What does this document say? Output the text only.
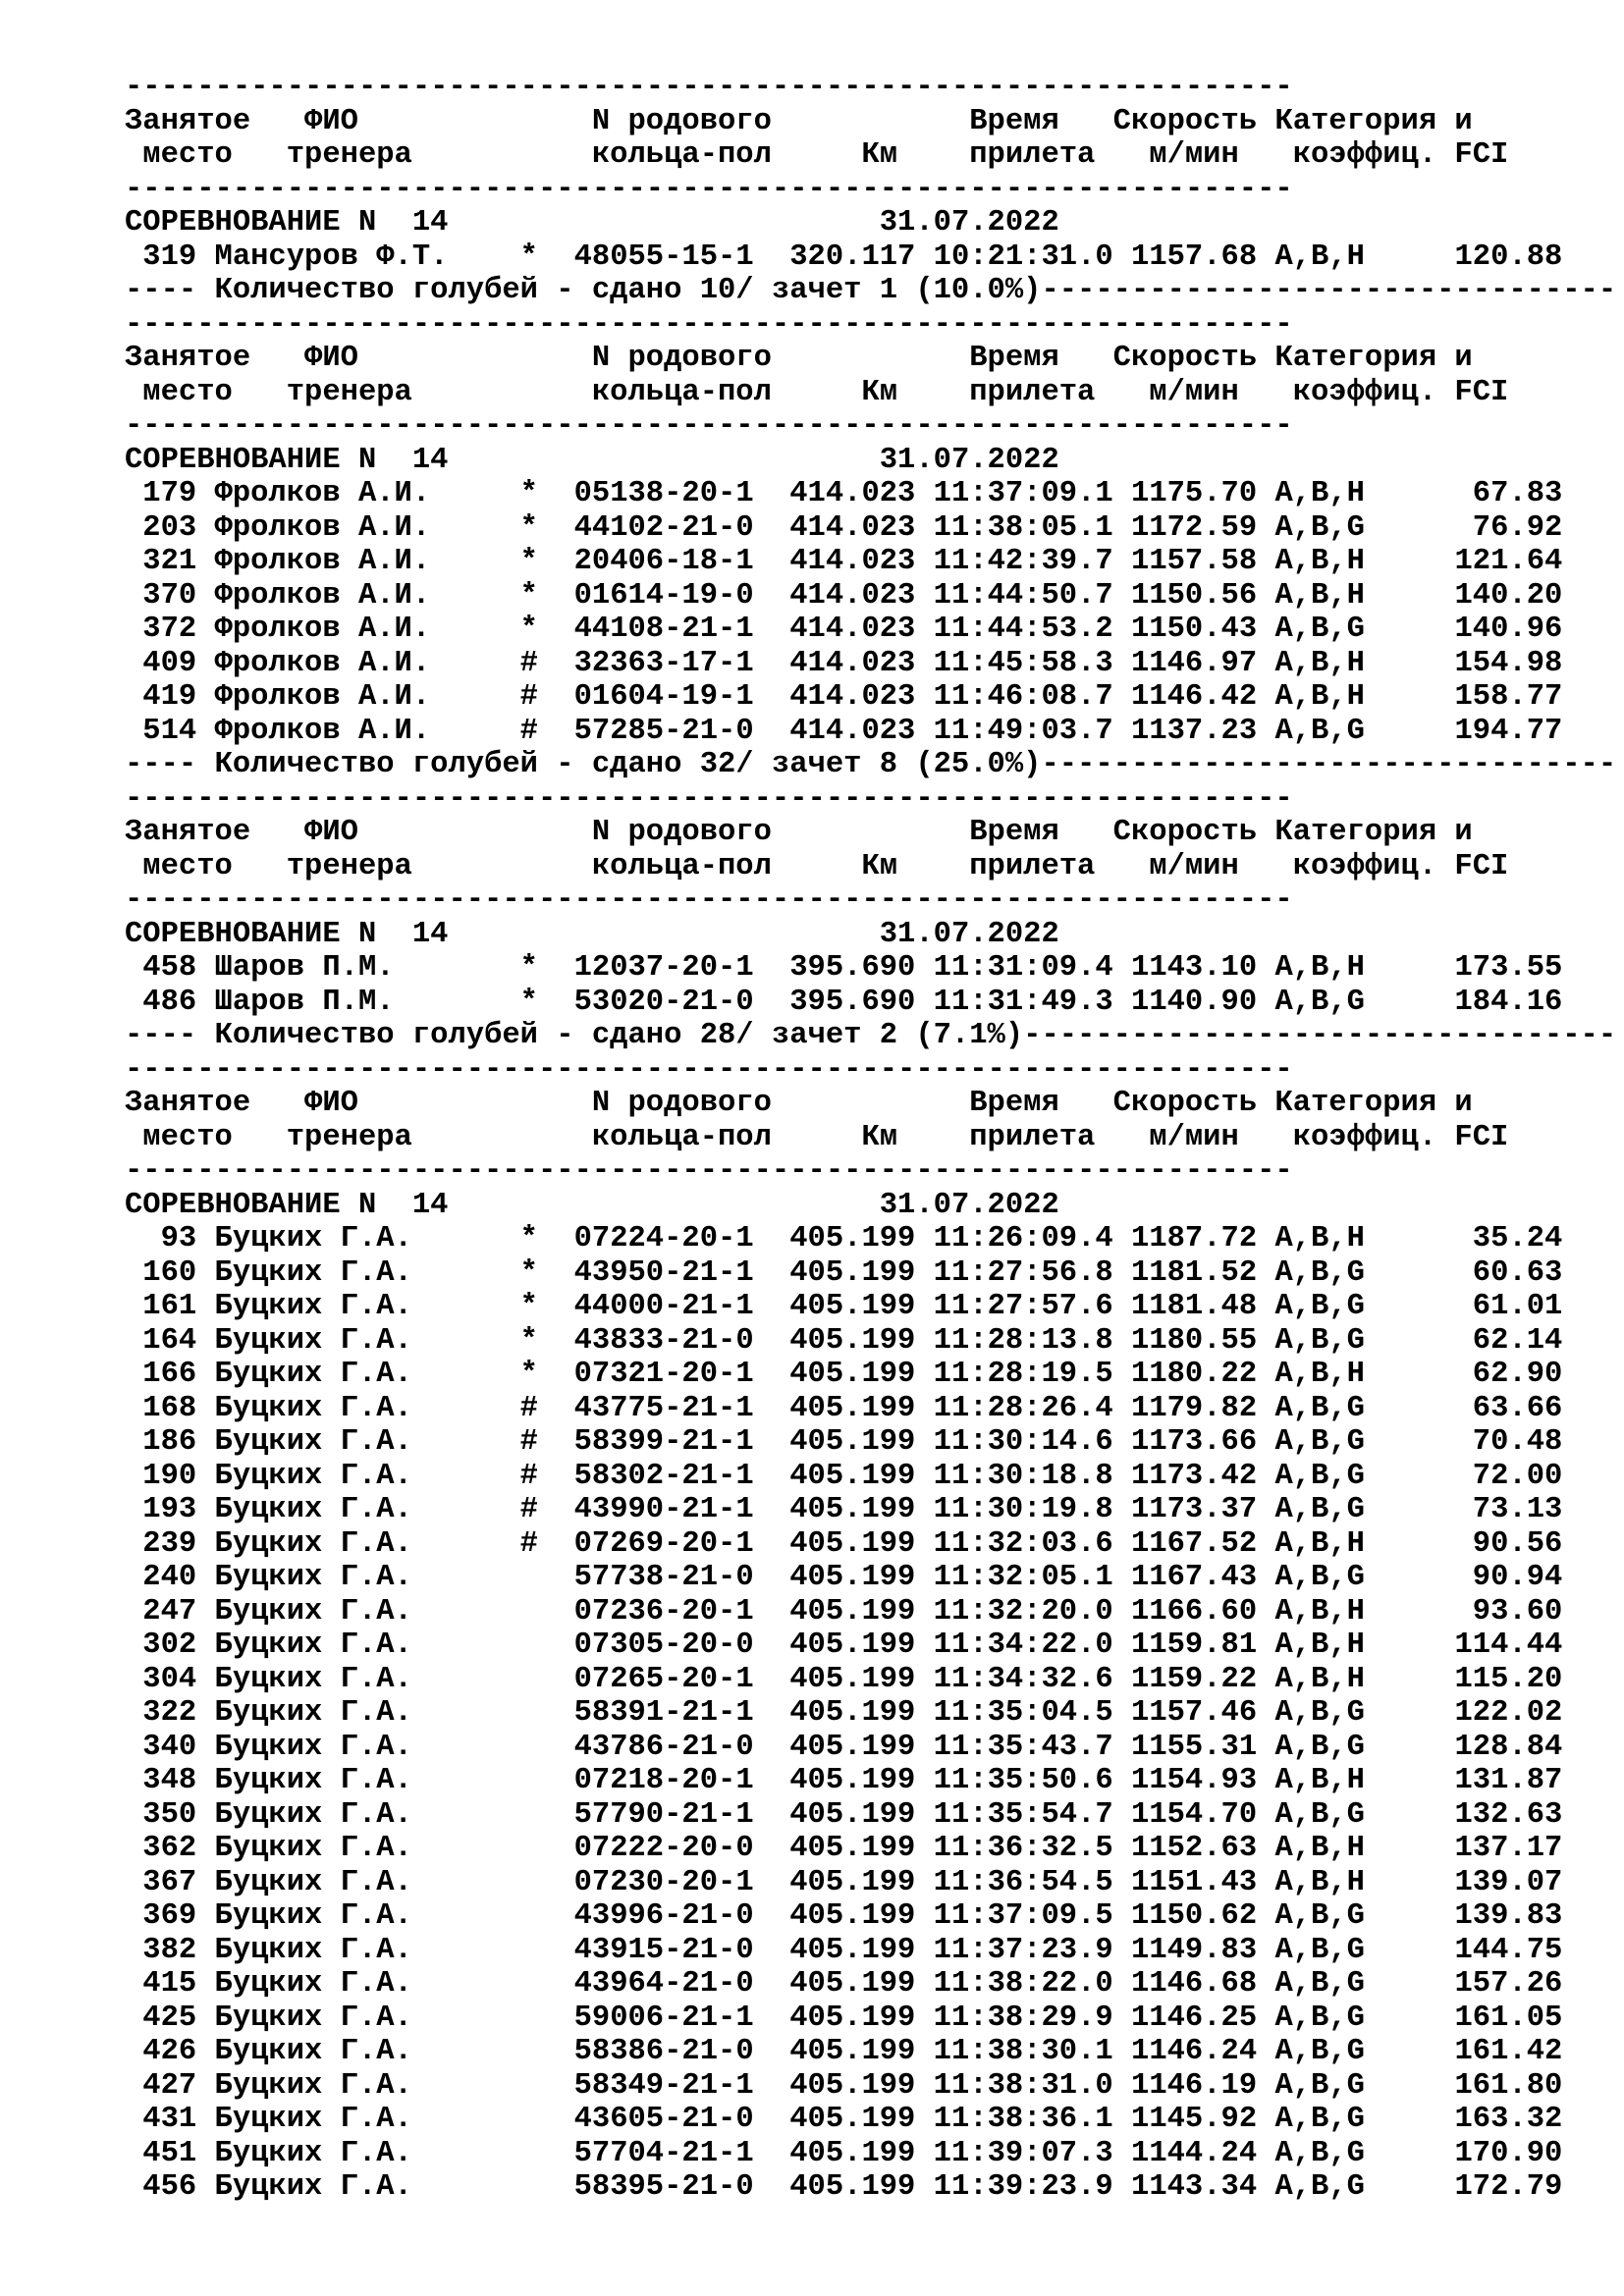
-----------------------------------------------------------------
Занятое   ФИО             N родового           Время   Скорость Категория и
место   тренера          кольца-пол     Км    прилета   м/мин   коэффиц. FCI
-----------------------------------------------------------------
СОРЕВНОВАНИЕ N  14                        31.07.2022
319 Мансуров Ф.Т.    *  48055-15-1  320.117 10:21:31.0 1157.68 A,B,H     120.88
---- Количество голубей - сдано 10/ зачет 1 (10.0%)--------------------------------
-----------------------------------------------------------------
Занятое   ФИО             N родового           Время   Скорость Категория и
место   тренера          кольца-пол     Км    прилета   м/мин   коэффиц. FCI
-----------------------------------------------------------------
СОРЕВНОВАНИЕ N  14                        31.07.2022
179 Фролков А.И.     *  05138-20-1  414.023 11:37:09.1 1175.70 A,B,H      67.83
203 Фролков А.И.     *  44102-21-0  414.023 11:38:05.1 1172.59 A,B,G      76.92
321 Фролков А.И.     *  20406-18-1  414.023 11:42:39.7 1157.58 A,B,H     121.64
370 Фролков А.И.     *  01614-19-0  414.023 11:44:50.7 1150.56 A,B,H     140.20
372 Фролков А.И.     *  44108-21-1  414.023 11:44:53.2 1150.43 A,B,G     140.96
409 Фролков А.И.     #  32363-17-1  414.023 11:45:58.3 1146.97 A,B,H     154.98
419 Фролков А.И.     #  01604-19-1  414.023 11:46:08.7 1146.42 A,B,H     158.77
514 Фролков А.И.     #  57285-21-0  414.023 11:49:03.7 1137.23 A,B,G     194.77
---- Количество голубей - сдано 32/ зачет 8 (25.0%)--------------------------------
-----------------------------------------------------------------
Занятое   ФИО             N родового           Время   Скорость Категория и
место   тренера          кольца-пол     Км    прилета   м/мин   коэффиц. FCI
-----------------------------------------------------------------
СОРЕВНОВАНИЕ N  14                        31.07.2022
458 Шаров П.М.       *  12037-20-1  395.690 11:31:09.4 1143.10 A,B,H     173.55
486 Шаров П.М.       *  53020-21-0  395.690 11:31:49.3 1140.90 A,B,G     184.16
---- Количество голубей - сдано 28/ зачет 2 (7.1%)---------------------------------
-----------------------------------------------------------------
Занятое   ФИО             N родового           Время   Скорость Категория и
место   тренера          кольца-пол     Км    прилета   м/мин   коэффиц. FCI
-----------------------------------------------------------------
СОРЕВНОВАНИЕ N  14                        31.07.2022
93 Буцких Г.А.      *  07224-20-1  405.199 11:26:09.4 1187.72 A,B,H      35.24
160 Буцких Г.А.      *  43950-21-1  405.199 11:27:56.8 1181.52 A,B,G      60.63
161 Буцких Г.А.      *  44000-21-1  405.199 11:27:57.6 1181.48 A,B,G      61.01
164 Буцких Г.А.      *  43833-21-0  405.199 11:28:13.8 1180.55 A,B,G      62.14
166 Буцких Г.А.      *  07321-20-1  405.199 11:28:19.5 1180.22 A,B,H      62.90
168 Буцких Г.А.      #  43775-21-1  405.199 11:28:26.4 1179.82 A,B,G      63.66
186 Буцких Г.А.      #  58399-21-1  405.199 11:30:14.6 1173.66 A,B,G      70.48
190 Буцких Г.А.      #  58302-21-1  405.199 11:30:18.8 1173.42 A,B,G      72.00
193 Буцких Г.А.      #  43990-21-1  405.199 11:30:19.8 1173.37 A,B,G      73.13
239 Буцких Г.А.      #  07269-20-1  405.199 11:32:03.6 1167.52 A,B,H      90.56
240 Буцких Г.А.         57738-21-0  405.199 11:32:05.1 1167.43 A,B,G      90.94
247 Буцких Г.А.         07236-20-1  405.199 11:32:20.0 1166.60 A,B,H      93.60
302 Буцких Г.А.         07305-20-0  405.199 11:34:22.0 1159.81 A,B,H     114.44
304 Буцких Г.А.         07265-20-1  405.199 11:34:32.6 1159.22 A,B,H     115.20
322 Буцких Г.А.         58391-21-1  405.199 11:35:04.5 1157.46 A,B,G     122.02
340 Буцких Г.А.         43786-21-0  405.199 11:35:43.7 1155.31 A,B,G     128.84
348 Буцких Г.А.         07218-20-1  405.199 11:35:50.6 1154.93 A,B,H     131.87
350 Буцких Г.А.         57790-21-1  405.199 11:35:54.7 1154.70 A,B,G     132.63
362 Буцких Г.А.         07222-20-0  405.199 11:36:32.5 1152.63 A,B,H     137.17
367 Буцких Г.А.         07230-20-1  405.199 11:36:54.5 1151.43 A,B,H     139.07
369 Буцких Г.А.         43996-21-0  405.199 11:37:09.5 1150.62 A,B,G     139.83
382 Буцких Г.А.         43915-21-0  405.199 11:37:23.9 1149.83 A,B,G     144.75
415 Буцких Г.А.         43964-21-0  405.199 11:38:22.0 1146.68 A,B,G     157.26
425 Буцких Г.А.         59006-21-1  405.199 11:38:29.9 1146.25 A,B,G     161.05
426 Буцких Г.А.         58386-21-0  405.199 11:38:30.1 1146.24 A,B,G     161.42
427 Буцких Г.А.         58349-21-1  405.199 11:38:31.0 1146.19 A,B,G     161.80
431 Буцких Г.А.         43605-21-0  405.199 11:38:36.1 1145.92 A,B,G     163.32
451 Буцких Г.А.         57704-21-1  405.199 11:39:07.3 1144.24 A,B,G     170.90
456 Буцких Г.А.         58395-21-0  405.199 11:39:23.9 1143.34 A,B,G     172.79
